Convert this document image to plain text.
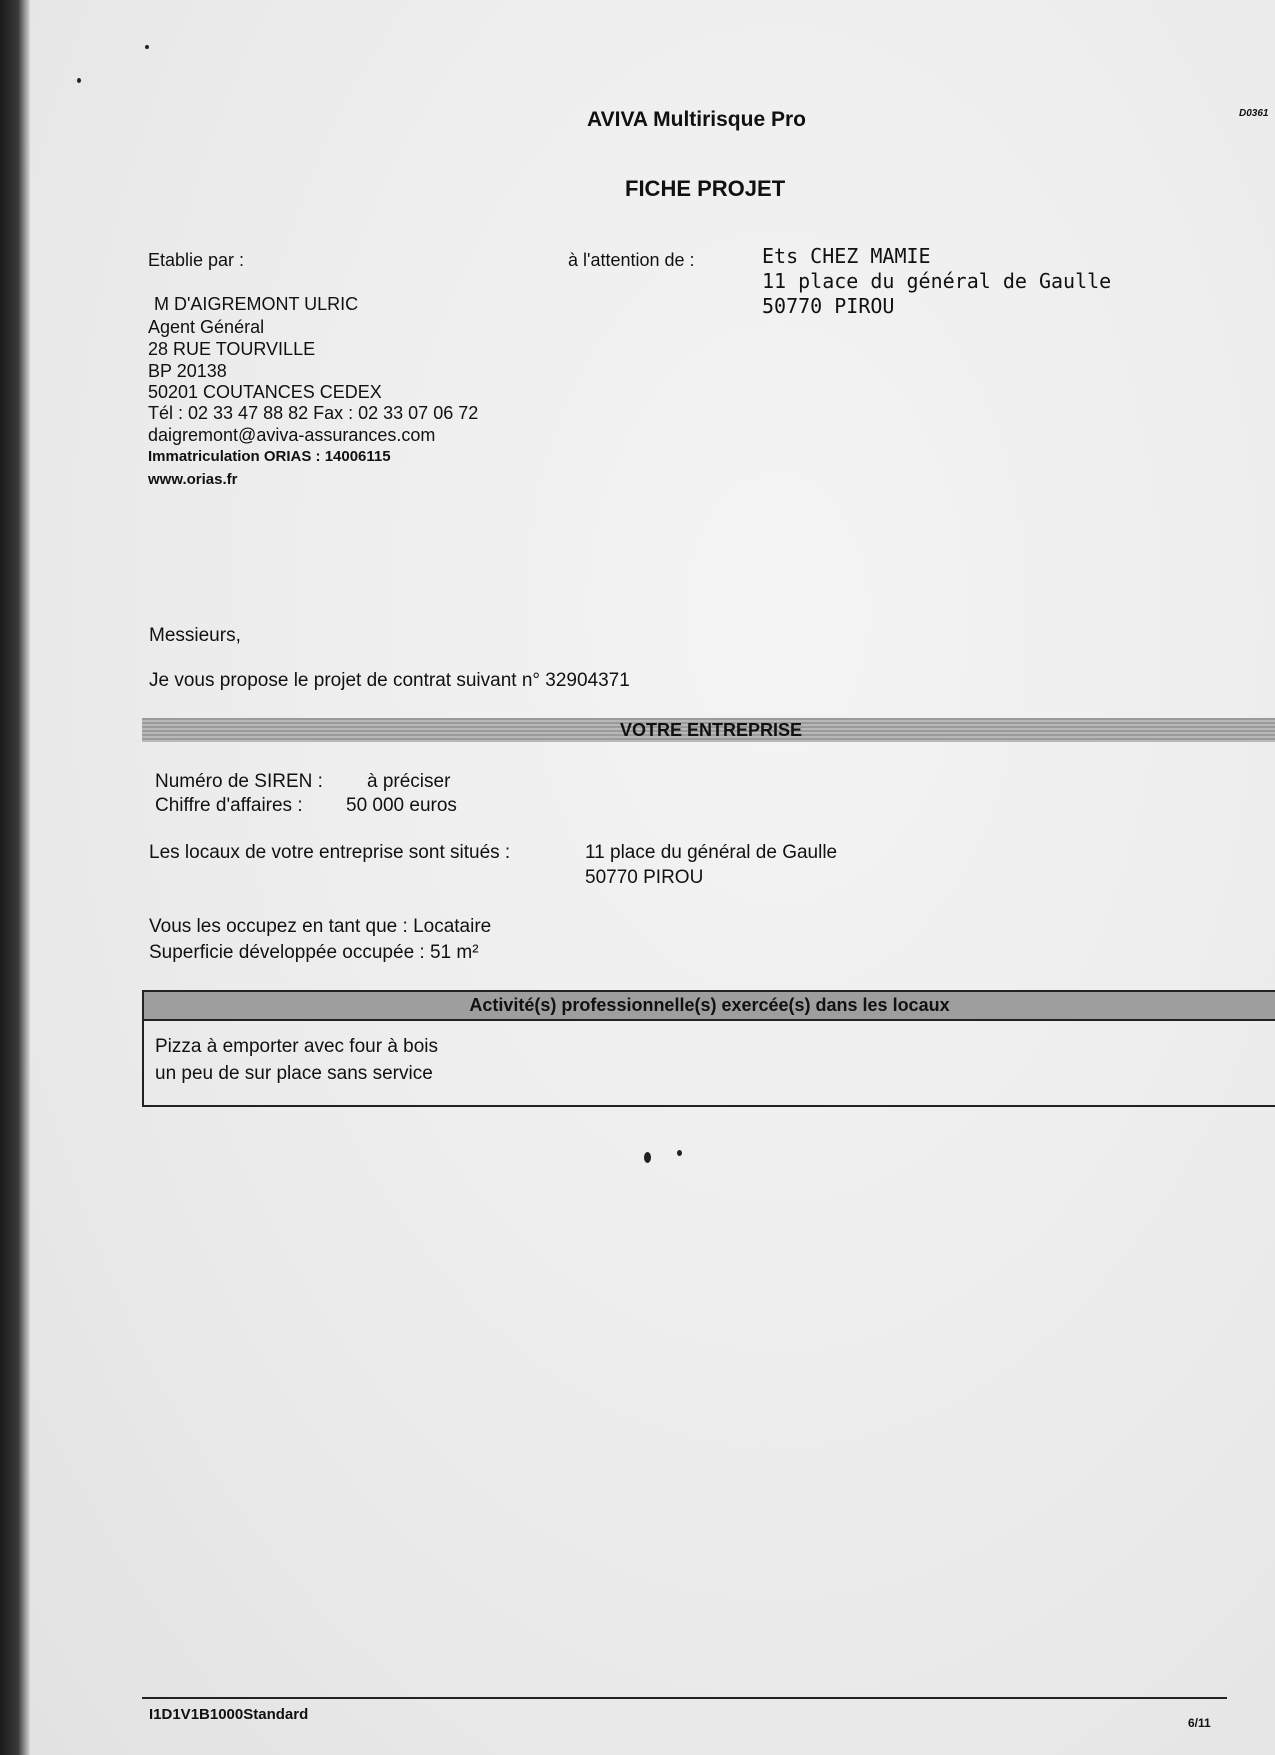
AVIVA Multirisque Pro	D0361
FICHE PROJET
Etablie par :	à l'attention de :	Ets CHEZ MAMIE
11 place du général de Gaulle
50770 PIROU
M D'AIGREMONT ULRIC
Agent Général
28 RUE TOURVILLE
BP 20138
50201 COUTANCES CEDEX
Tél : 02 33 47 88 82 Fax : 02 33 07 06 72
daigremont@aviva-assurances.com
Immatriculation ORIAS : 14006115
www.orias.fr
Messieurs,
Je vous propose le projet de contrat suivant n° 32904371
VOTRE ENTREPRISE
Numéro de SIREN : à préciser
Chiffre d'affaires : 50 000 euros
Les locaux de votre entreprise sont situés :	11 place du général de Gaulle
50770 PIROU
Vous les occupez en tant que : Locataire
Superficie développée occupée : 51 m²
Activité(s) professionnelle(s) exercée(s) dans les locaux
Pizza à emporter avec four à bois
un peu de sur place sans service
I1D1V1B1000Standard	6/11
